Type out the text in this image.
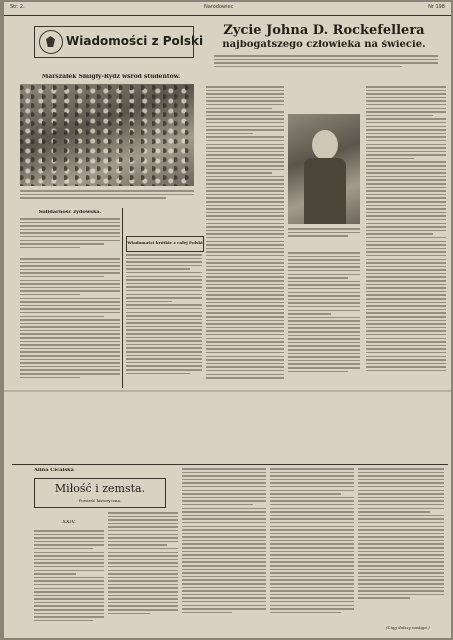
Str. 2.	Narodowiec	Nr 198
Wiadomości z Polski
Marszałek Śmigły-Rydz wśród studentów.
Solidarność żydowska.
Wiadomości krótkie z całej Polski
Życie Johna D. Rockefellera
najbogatszego człowieka na świecie.
Alina Cicalska
Miłość i zemsta.
Powieść historyczna.
XXIV.
(Ciąg dalszy nastąpi.)
